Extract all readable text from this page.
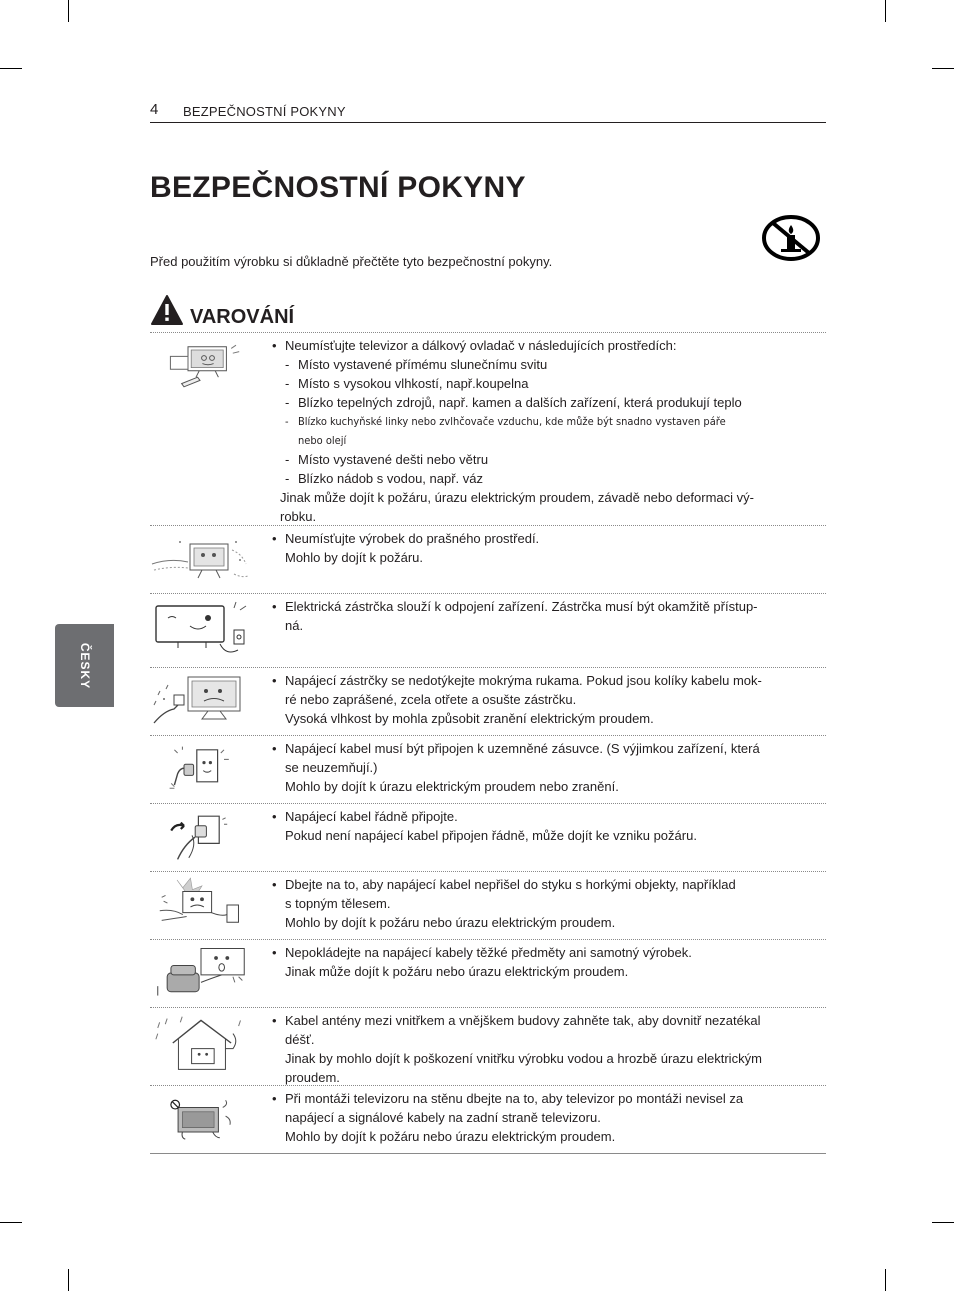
4 BEZPEČNOSTNÍ POKYNY
ČESKY
BEZPEČNOSTNÍ POKYNY

Před použitím výrobku si důkladně přečtěte tyto bezpečnostní pokyny.

VAROVÁNÍ
• Neumísťujte televizor a dálkový ovladač v následujících prostředích:
- Místo vystavené přímému slunečnímu svitu
- Místo s vysokou vlhkostí, např.koupelna
- Blízko tepelných zdrojů, např. kamen a dalších zařízení, která produkují teplo
- Blízko kuchyňské linky nebo zvlhčovače vzduchu, kde může být snadno vystaven páře
nebo olejí
- Místo vystavené dešti nebo větru
- Blízko nádob s vodou, např. váz
Jinak může dojít k požáru, úrazu elektrickým proudem, závadě nebo deformaci vý-
robku.
• Neumísťujte výrobek do prašného prostředí.
Mohlo by dojít k požáru.
• Elektrická zástrčka slouží k odpojení zařízení. Zástrčka musí být okamžitě přístup-
ná.
• Napájecí zástrčky se nedotýkejte mokrýma rukama. Pokud jsou kolíky kabelu mok-
ré nebo zaprášené, zcela otřete a osušte zástrčku.
Vysoká vlhkost by mohla způsobit zranění elektrickým proudem.
• Napájecí kabel musí být připojen k uzemněné zásuvce. (S výjimkou zařízení, která
se neuzemňují.)
Mohlo by dojít k úrazu elektrickým proudem nebo zranění.
• Napájecí kabel řádně připojte.
Pokud není napájecí kabel připojen řádně, může dojít ke vzniku požáru.
• Dbejte na to, aby napájecí kabel nepřišel do styku s horkými objekty, například
s topným tělesem.
Mohlo by dojít k požáru nebo úrazu elektrickým proudem.
• Nepokládejte na napájecí kabely těžké předměty ani samotný výrobek.
Jinak může dojít k požáru nebo úrazu elektrickým proudem.
• Kabel antény mezi vnitřkem a vnějškem budovy zahněte tak, aby dovnitř nezatékal
déšť.
Jinak by mohlo dojít k poškození vnitřku výrobku vodou a hrozbě úrazu elektrickým
proudem.
• Při montáži televizoru na stěnu dbejte na to, aby televizor po montáži nevisel za
napájecí a signálové kabely na zadní straně televizoru.
Mohlo by dojít k požáru nebo úrazu elektrickým proudem.
